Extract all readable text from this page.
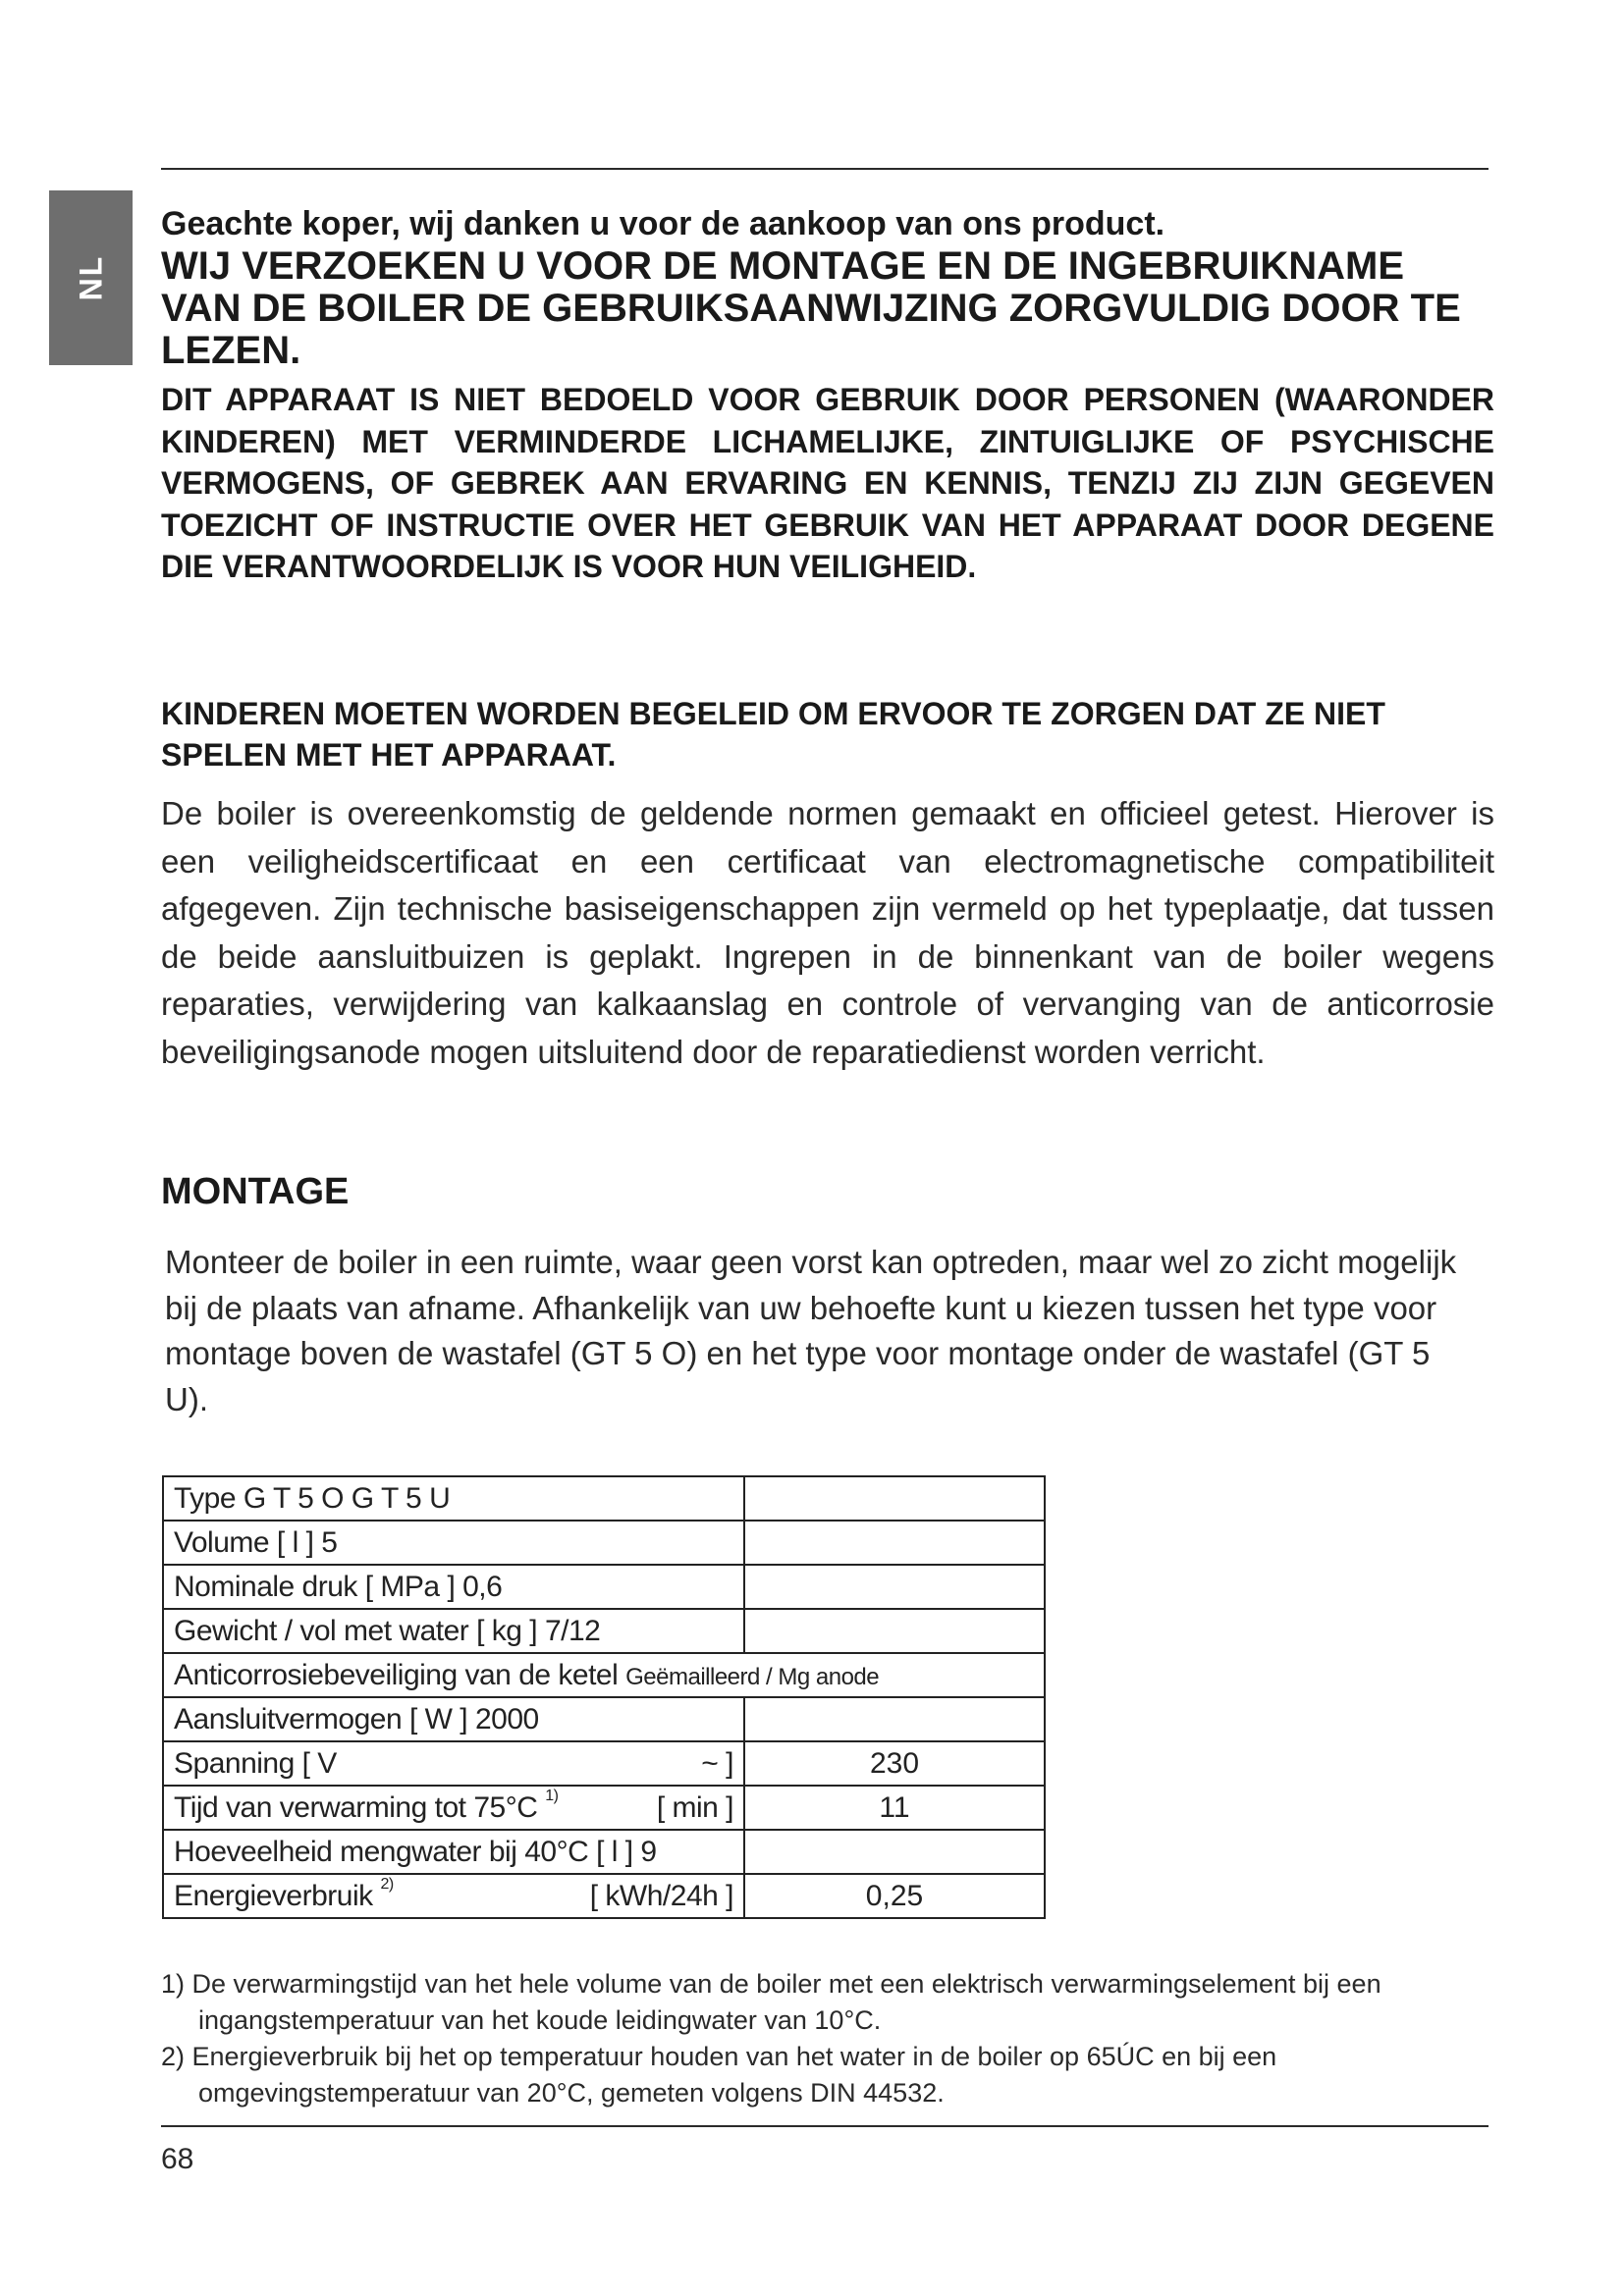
NL

Geachte koper, wij danken u voor de aankoop van ons product.

WIJ VERZOEKEN U VOOR DE MONTAGE EN DE INGEBRUIKNAME VAN DE BOILER DE GEBRUIKSAANWIJZING ZORGVULDIG DOOR TE LEZEN.

DIT APPARAAT IS NIET BEDOELD VOOR GEBRUIK DOOR PERSONEN (WAARONDER KINDEREN) MET VERMINDERDE LICHAMELIJKE, ZINTUIGLIJKE OF PSYCHISCHE VERMOGENS, OF GEBREK AAN ERVARING EN KENNIS, TENZIJ ZIJ ZIJN GEGEVEN TOEZICHT OF INSTRUCTIE OVER HET GEBRUIK VAN HET APPARAAT DOOR DEGENE DIE VERANTWOORDELIJK IS VOOR HUN VEILIGHEID.

KINDEREN MOETEN WORDEN BEGELEID OM ERVOOR TE ZORGEN DAT ZE NIET SPELEN MET HET APPARAAT.

De boiler is overeenkomstig de geldende normen gemaakt en officieel getest. Hierover is een veiligheidscertificaat en een certificaat van electromagnetische compatibiliteit afgegeven. Zijn technische basiseigenschappen zijn vermeld op het typeplaatje, dat tussen de beide aansluitbuizen is geplakt. Ingrepen in de binnenkant van de boiler wegens reparaties, verwijdering van kalkaanslag en controle of vervanging van de anticorrosie beveiligingsanode mogen uitsluitend door de reparatiedienst worden verricht.

MONTAGE

Monteer de boiler in een ruimte, waar geen vorst kan optreden, maar wel zo zicht mogelijk bij de plaats van afname. Afhankelijk van uw behoefte kunt u kiezen tussen het type voor montage boven de wastafel (GT 5 O) en het type voor montage onder de wastafel (GT 5 U).

Type G T 5 O G T 5 U	
Volume [ l ] 5	
Nominale druk [ MPa ] 0,6	
Gewicht / vol met water [ kg ] 7/12	
Anticorrosiebeveiliging van de ketel Geëmailleerd / Mg anode	
Aansluitvermogen [ W ] 2000	

Spanning [ V ~ ]	230

Tijd van verwarming tot 75°C $^{1)}$ [ min ]	11
Hoeveelheid mengwater bij 40°C [ l ] 9	

Energieverbruik $^{2)}$ [ kWh/24h ]	0,25
1) De verwarmingstijd van het hele volume van de boiler met een elektrisch verwarmingselement bij een ingangstemperatuur van het koude leidingwater van 10°C.
2) Energieverbruik bij het op temperatuur houden van het water in de boiler op 65ÚC en bij een omgevingstemperatuur van 20°C, gemeten volgens DIN 44532.
68
